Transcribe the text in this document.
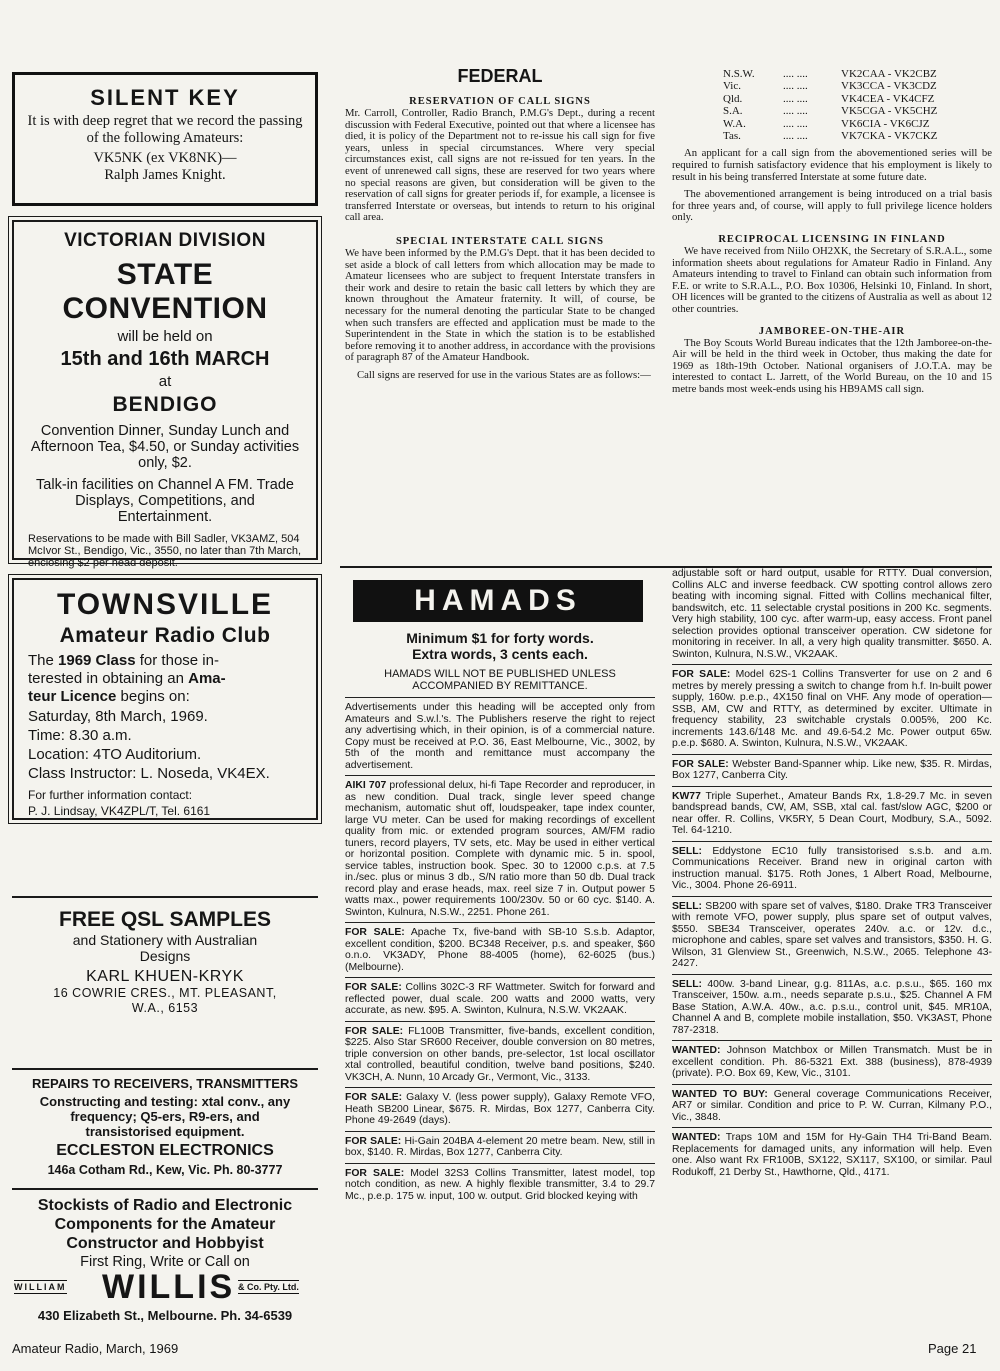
SILENT KEY

It is with deep regret that we record the passing of the following Amateurs:

VK5NK (ex VK8NK)—

Ralph James Knight.

VICTORIAN DIVISION
STATE CONVENTION
will be held on
15th and 16th MARCH
at
BENDIGO
Convention Dinner, Sunday Lunch and Afternoon Tea, $4.50, or Sunday activities only, $2.
Talk-in facilities on Channel A FM. Trade Displays, Competitions, and Entertainment.
Reservations to be made with Bill Sadler, VK3AMZ, 504 McIvor St., Bendigo, Vic., 3550, no later than 7th March, enclosing $2 per head deposit.
TOWNSVILLE
Amateur Radio Club
The 1969 Class for those in-
terested in obtaining an Ama-
teur Licence begins on:
Saturday, 8th March, 1969.
Time: 8.30 a.m.
Location: 4TO Auditorium.
Class Instructor: L. Noseda, VK4EX.
For further information contact:
P. J. Lindsay, VK4ZPL/T, Tel. 6161
FREE QSL SAMPLES
and Stationery with Australian Designs
KARL KHUEN-KRYK
16 COWRIE CRES., MT. PLEASANT, W.A., 6153
REPAIRS TO RECEIVERS, TRANSMITTERS
Constructing and testing: xtal conv., any frequency; Q5-ers, R9-ers, and transistorised equipment.
ECCLESTON ELECTRONICS
146a Cotham Rd., Kew, Vic. Ph. 80-3777
Stockists of Radio and Electronic Components for the Amateur Constructor and Hobbyist
First Ring, Write or Call on
WILLIAM WILLIS & Co. Pty. Ltd.
430 Elizabeth St., Melbourne. Ph. 34-6539
FEDERAL
RESERVATION OF CALL SIGNS

Mr. Carroll, Controller, Radio Branch, P.M.G's Dept., during a recent discussion with Federal Executive, pointed out that where a licensee has died, it is policy of the Department not to re-issue his call sign for five years, unless in special circumstances. Where very special circumstances exist, call signs are not re-issued for ten years. In the event of unrenewed call signs, these are reserved for two years where no special reasons are given, but consideration will be given to the reservation of call signs for greater periods if, for example, a licensee is transferred Interstate or overseas, but intends to return to his original call area.

SPECIAL INTERSTATE CALL SIGNS

We have been informed by the P.M.G's Dept. that it has been decided to set aside a block of call letters from which allocation may be made to Amateur licensees who are subject to frequent Interstate transfers in their work and desire to retain the basic call letters by which they are known throughout the Amateur fraternity. It will, of course, be necessary for the numeral denoting the particular State to be changed when such transfers are effected and application must be made to the Superintendent in the State in which the station is to be established before removing it to another address, in accordance with the provisions of paragraph 87 of the Amateur Handbook.

Call signs are reserved for use in the various States are as follows:—

N.S.W.	.... ....	VK2CAA - VK2CBZ
Vic.	.... ....	VK3CCA - VK3CDZ
Qld.	.... ....	VK4CEA - VK4CFZ
S.A.	.... ....	VK5CGA - VK5CHZ
W.A.	.... ....	VK6CIA - VK6CJZ
Tas.	.... ....	VK7CKA - VK7CKZ

An applicant for a call sign from the abovementioned series will be required to furnish satisfactory evidence that his employment is likely to result in his being transferred Interstate at some future date.

The abovementioned arrangement is being introduced on a trial basis for three years and, of course, will apply to full privilege licence holders only.

RECIPROCAL LICENSING IN FINLAND

We have received from Niilo OH2XK, the Secretary of S.R.A.L., some information sheets about regulations for Amateur Radio in Finland. Any Amateurs intending to travel to Finland can obtain such information from F.E. or write to S.R.A.L., P.O. Box 10306, Helsinki 10, Finland. In short, OH licences will be granted to the citizens of Australia as well as about 12 other countries.

JAMBOREE-ON-THE-AIR

The Boy Scouts World Bureau indicates that the 12th Jamboree-on-the-Air will be held in the third week in October, thus making the date for 1969 as 18th-19th October. National organisers of J.O.T.A. may be interested to contact L. Jarrett, of the World Bureau, on the 10 and 15 metre bands most week-ends using his HB9AMS call sign.

HAMADS
Minimum $1 for forty words.
Extra words, 3 cents each.
HAMADS WILL NOT BE PUBLISHED UNLESS ACCOMPANIED BY REMITTANCE.

Advertisements under this heading will be accepted only from Amateurs and S.w.l.'s. The Publishers reserve the right to reject any advertising which, in their opinion, is of a commercial nature. Copy must be received at P.O. 36, East Melbourne, Vic., 3002, by 5th of the month and remittance must accompany the advertisement.

AIKI 707 professional delux, hi-fi Tape Recorder and reproducer, in as new condition. Dual track, single lever speed change mechanism, automatic shut off, loudspeaker, tape index counter, large VU meter. Can be used for making recordings of excellent quality from mic. or extended program sources, AM/FM radio tuners, record players, TV sets, etc. May be used in either vertical or horizontal position. Complete with dynamic mic. 5 in. spool, service tables, instruction book. Spec. 30 to 12000 c.p.s. at 7.5 in./sec. plus or minus 3 db., S/N ratio more than 50 db. Dual track record play and erase heads, max. reel size 7 in. Output power 5 watts max., power requirements 100/230v. 50 or 60 cyc. $140. A. Swinton, Kulnura, N.S.W., 2251. Phone 261.

FOR SALE: Apache Tx, five-band with SB-10 S.s.b. Adaptor, excellent condition, $200. BC348 Receiver, p.s. and speaker, $60 o.n.o. VK3ADY, Phone 88-4005 (home), 62-6025 (bus.) (Melbourne).

FOR SALE: Collins 302C-3 RF Wattmeter. Switch for forward and reflected power, dual scale. 200 watts and 2000 watts, very accurate, as new. $95. A. Swinton, Kulnura, N.S.W. VK2AAK.

FOR SALE: FL100B Transmitter, five-bands, excellent condition, $225. Also Star SR600 Receiver, double conversion on 80 metres, triple conversion on other bands, pre-selector, 1st local oscillator xtal controlled, beautiful condition, twelve band positions, $240. VK3CH, A. Nunn, 10 Arcady Gr., Vermont, Vic., 3133.

FOR SALE: Galaxy V. (less power supply), Galaxy Remote VFO, Heath SB200 Linear, $675. R. Mirdas, Box 1277, Canberra City. Phone 49-2649 (days).

FOR SALE: Hi-Gain 204BA 4-element 20 metre beam. New, still in box, $140. R. Mirdas, Box 1277, Canberra City.

FOR SALE: Model 32S3 Collins Transmitter, latest model, top notch condition, as new. A highly flexible transmitter, 3.4 to 29.7 Mc., p.e.p. 175 w. input, 100 w. output. Grid blocked keying with

adjustable soft or hard output, usable for RTTY. Dual conversion, Collins ALC and inverse feedback. CW spotting control allows zero beating with incoming signal. Fitted with Collins mechanical filter, bandswitch, etc. 11 selectable crystal positions in 200 Kc. segments. Very high stability, 100 cyc. after warm-up, easy access. Front panel selection provides optional transceiver operation. CW sidetone for monitoring in receiver. In all, a very high quality transmitter. $650. A. Swinton, Kulnura, N.S.W., VK2AAK.

FOR SALE: Model 62S-1 Collins Transverter for use on 2 and 6 metres by merely pressing a switch to change from h.f. In-built power supply, 160w. p.e.p., 4X150 final on VHF. Any mode of operation—SSB, AM, CW and RTTY, as determined by exciter. Ultimate in frequency stability, 23 switchable crystals 0.005%, 200 Kc. increments 143.6/148 Mc. and 49.6-54.2 Mc. Power output 65w. p.e.p. $680. A. Swinton, Kulnura, N.S.W., VK2AAK.

FOR SALE: Webster Band-Spanner whip. Like new, $35. R. Mirdas, Box 1277, Canberra City.

KW77 Triple Superhet., Amateur Bands Rx, 1.8-29.7 Mc. in seven bandspread bands, CW, AM, SSB, xtal cal. fast/slow AGC, $200 or near offer. R. Collins, VK5RY, 5 Dean Court, Modbury, S.A., 5092. Tel. 64-1210.

SELL: Eddystone EC10 fully transistorised s.s.b. and a.m. Communications Receiver. Brand new in original carton with instruction manual. $175. Roth Jones, 1 Albert Road, Melbourne, Vic., 3004. Phone 26-6911.

SELL: SB200 with spare set of valves, $180. Drake TR3 Transceiver with remote VFO, power supply, plus spare set of output valves, $550. SBE34 Transceiver, operates 240v. a.c. or 12v. d.c., microphone and cables, spare set valves and transistors, $350. H. G. Wilson, 31 Glenview St., Greenwich, N.S.W., 2065. Telephone 43-2427.

SELL: 400w. 3-band Linear, g.g. 811As, a.c. p.s.u., $65. 160 mx Transceiver, 150w. a.m., needs separate p.s.u., $25. Channel A FM Base Station, A.W.A. 40w., a.c. p.s.u., control unit, $45. MR10A, Channel A and B, complete mobile installation, $50. VK3AST, Phone 787-2318.

WANTED: Johnson Matchbox or Millen Transmatch. Must be in excellent condition. Ph. 86-5321 Ext. 388 (business), 878-4939 (private). P.O. Box 69, Kew, Vic., 3101.

WANTED TO BUY: General coverage Communications Receiver, AR7 or similar. Condition and price to P. W. Curran, Kilmany P.O., Vic., 3848.

WANTED: Traps 10M and 15M for Hy-Gain TH4 Tri-Band Beam. Replacements for damaged units, any information will help. Even one. Also want Rx FR100B, SX122, SX117, SX100, or similar. Paul Rodukoff, 21 Derby St., Hawthorne, Qld., 4171.

Amateur Radio, March, 1969	Page 21
